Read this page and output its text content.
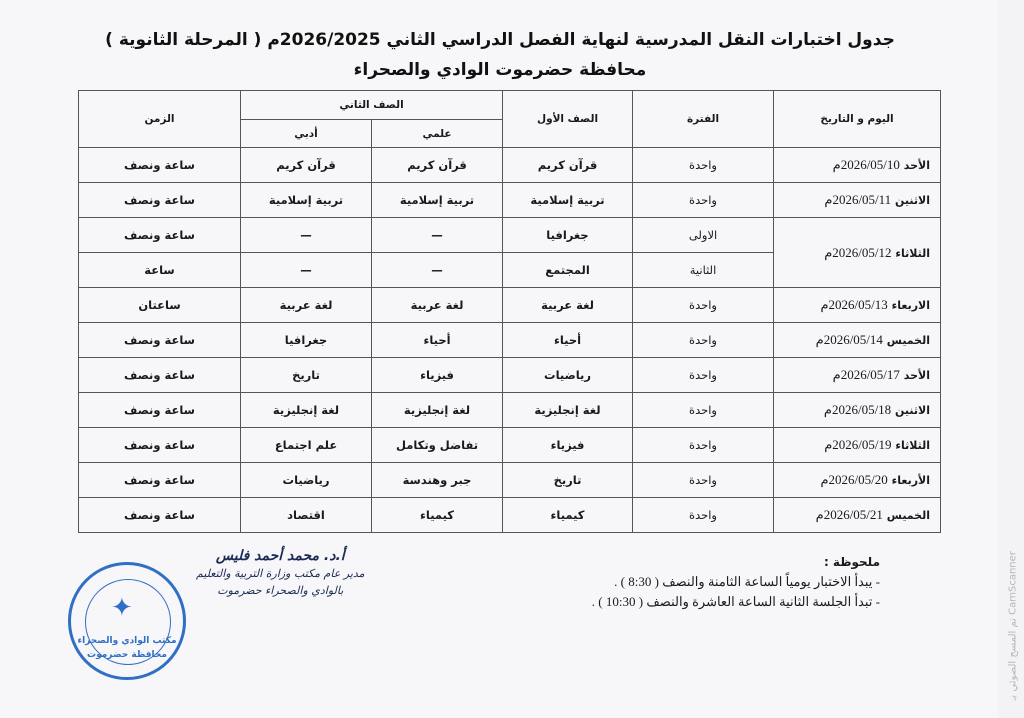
جدول اختبارات النقل المدرسية لنهاية الفصل الدراسي الثاني 2026/2025م ( المرحلة الثانوية )
محافظة حضرموت الوادي والصحراء
اليوم و التاريخ	الفترة	الصف الأول	الصف الثاني		الزمن
			علمي	أدبي	
الأحد 2026/05/10م	واحدة	قرآن كريم	قرآن كريم	قرآن كريم	ساعة ونصف
الاثنين 2026/05/11م	واحدة	تربية إسلامية	تربية إسلامية	تربية إسلامية	ساعة ونصف
الثلاثاء 2026/05/12م	الاولى	جغرافيا	—	—	ساعة ونصف
	الثانية	المجتمع	—	—	ساعة
الاربعاء 2026/05/13م	واحدة	لغة عربية	لغة عربية	لغة عربية	ساعتان
الخميس 2026/05/14م	واحدة	أحياء	أحياء	جغرافيا	ساعة ونصف
الأحد 2026/05/17م	واحدة	رياضيات	فيزياء	تاريخ	ساعة ونصف
الاثنين 2026/05/18م	واحدة	لغة إنجليزية	لغة إنجليزية	لغة إنجليزية	ساعة ونصف
الثلاثاء 2026/05/19م	واحدة	فيزياء	تفاضل وتكامل	علم اجتماع	ساعة ونصف
الأربعاء 2026/05/20م	واحدة	تاريخ	جبر وهندسة	رياضيات	ساعة ونصف
الخميس 2026/05/21م	واحدة	كيمياء	كيمياء	اقتصاد	ساعة ونصف
ملحوظة :
- يبدأ الاختبار يومياً الساعة الثامنة والنصف ( 8:30 ) .
- تبدأ الجلسة الثانية الساعة العاشرة والنصف ( 10:30 ) .
✦
مكتب الوادي والصحراء
محافظة حضرموت
أ.د. محمد أحمد فليس
مدير عام مكتب وزارة التربية والتعليم
بالوادي والصحراء حضرموت
تم المسح الضوئي بـ CamScanner
